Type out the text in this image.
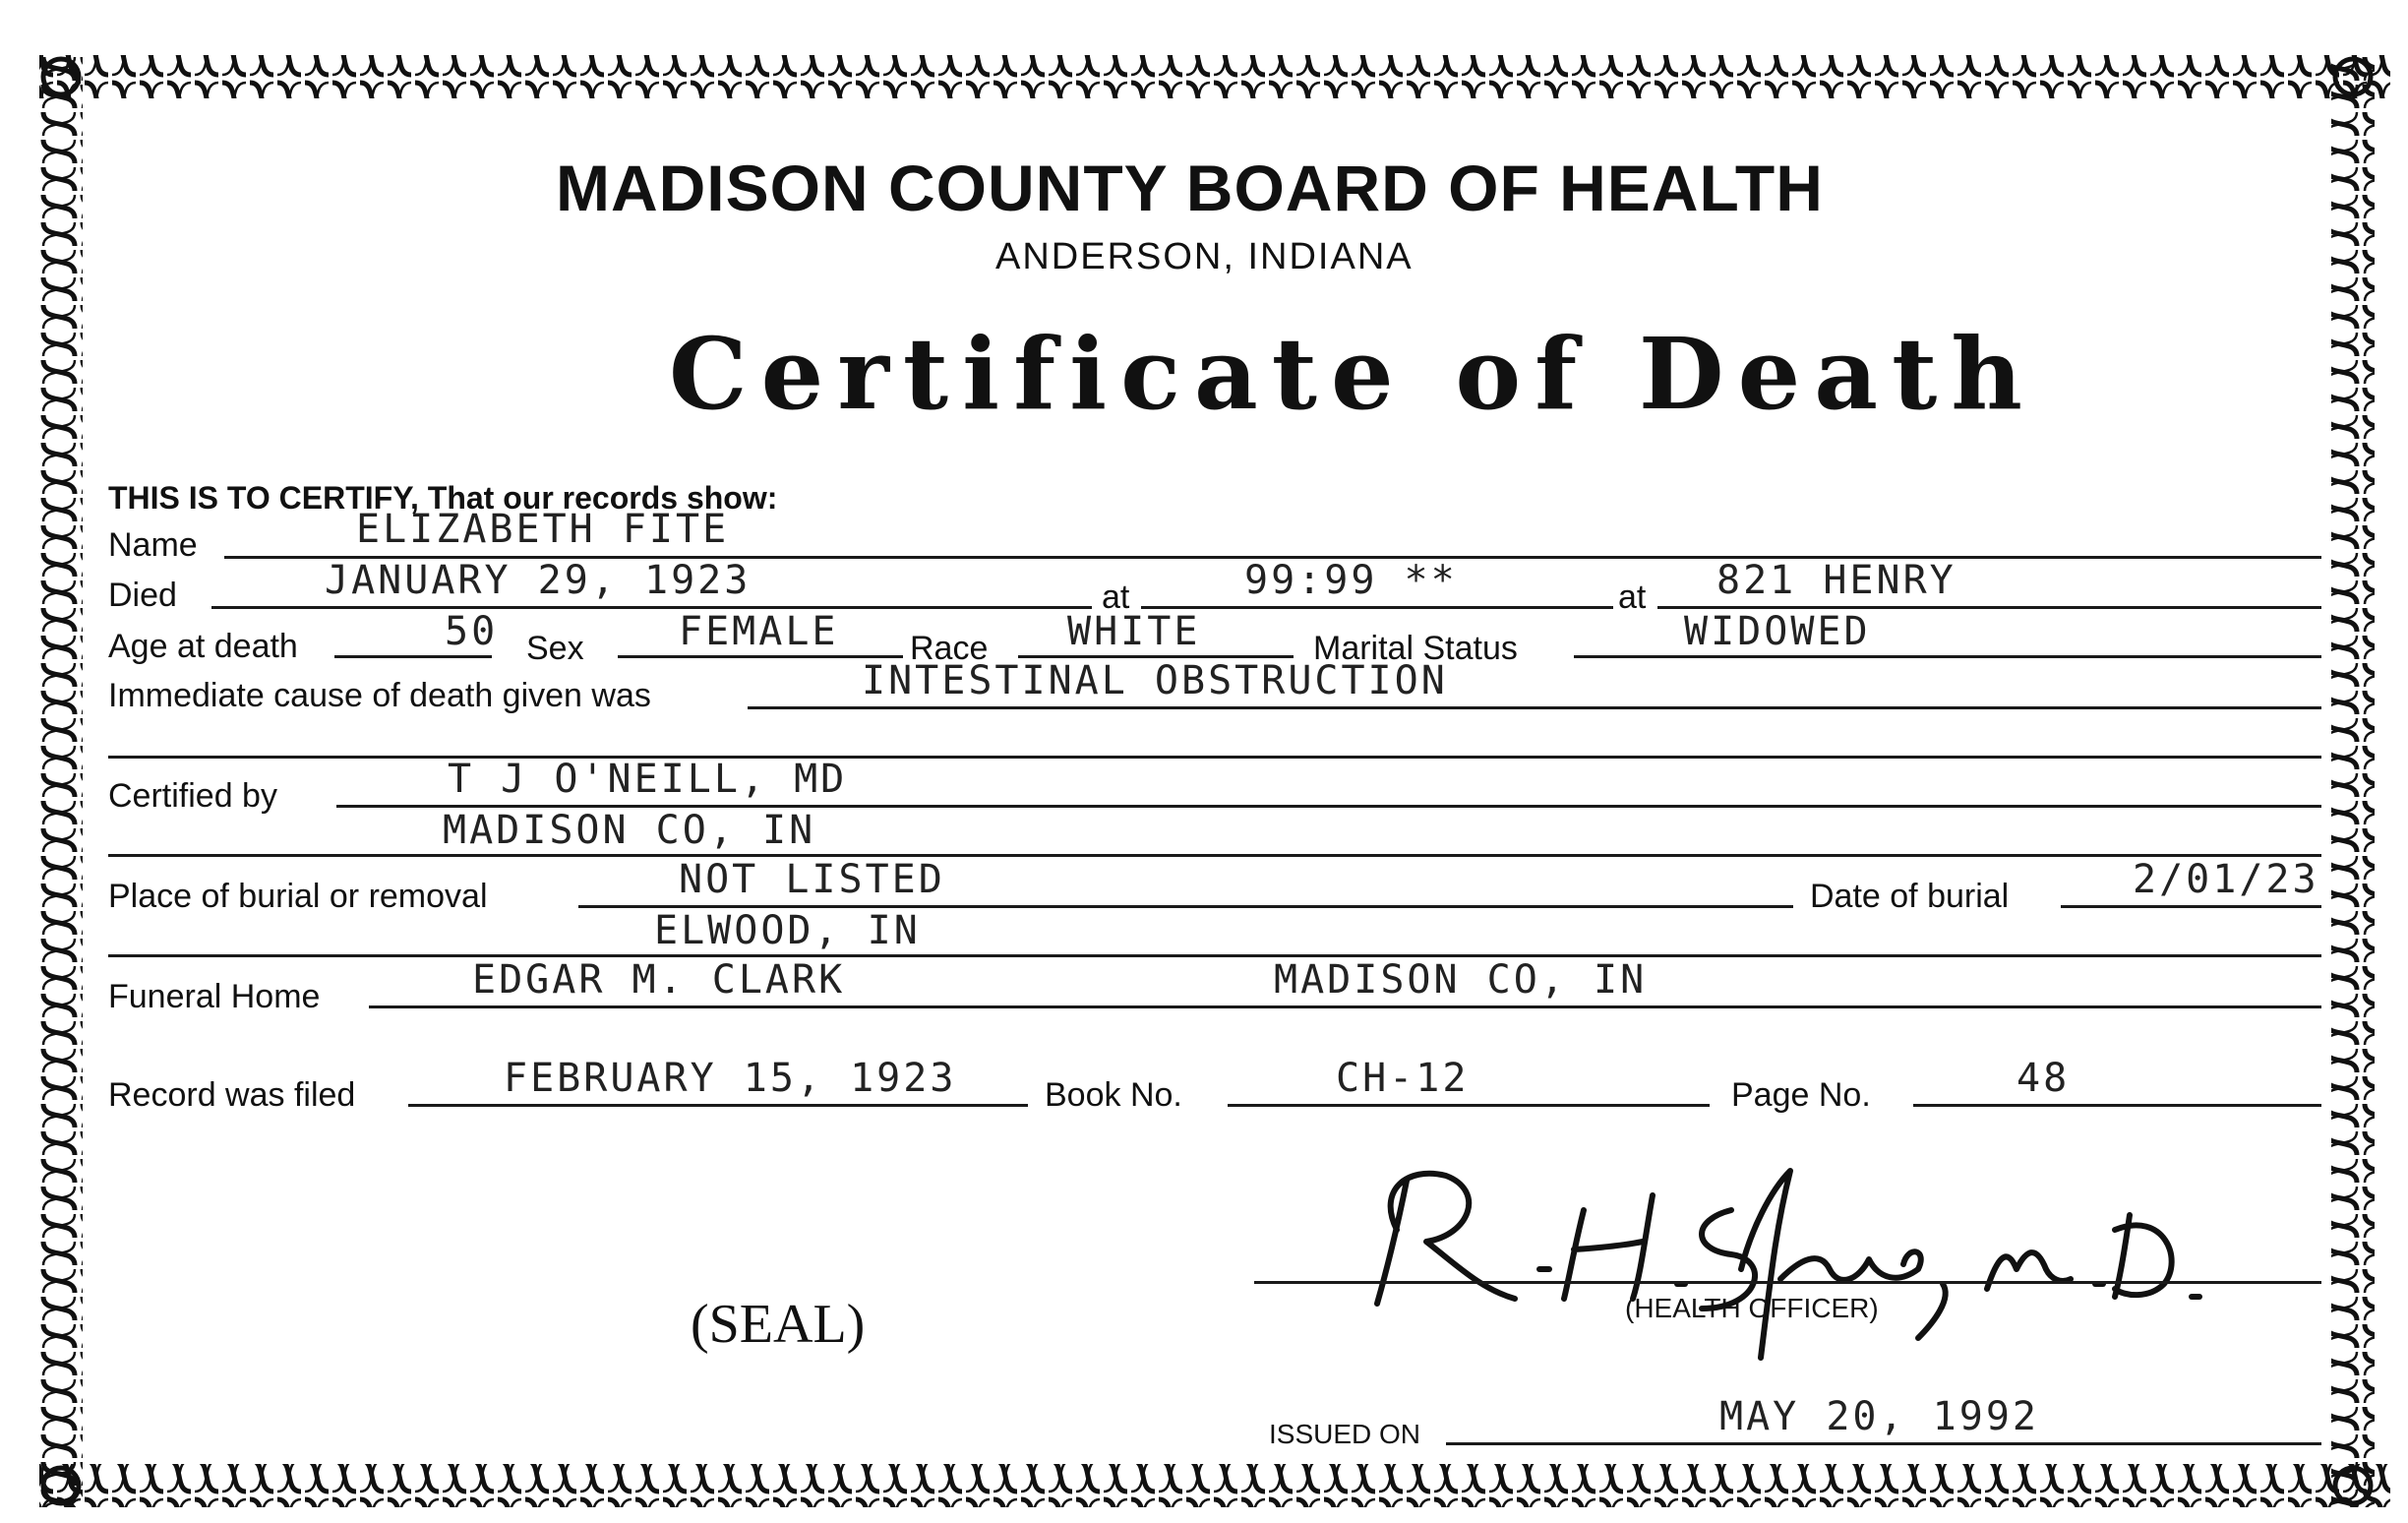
MADISON COUNTY BOARD OF HEALTH
ANDERSON, INDIANA
Certificate of Death
THIS IS TO CERTIFY, That our records show:
Name	ELIZABETH FITE
Died	JANUARY 29, 1923	at	99:99 **	at 821 HENRY
Age at death	50 Sex FEMALE Race WHITE	Marital Status	WIDOWED
Immediate cause of death given was	INTESTINAL OBSTRUCTION
Certified by	T J O'NEILL, MD
MADISON CO, IN
Place of burial or removal	NOT LISTED	Date of burial	2/01/23
ELWOOD, IN
Funeral Home	EDGAR M. CLARK	MADISON CO, IN
Record was filed	FEBRUARY 15, 1923	Book No.	CH-12	Page No.	48
(SEAL)	(HEALTH OFFICER)
ISSUED ON	MAY 20, 1992
